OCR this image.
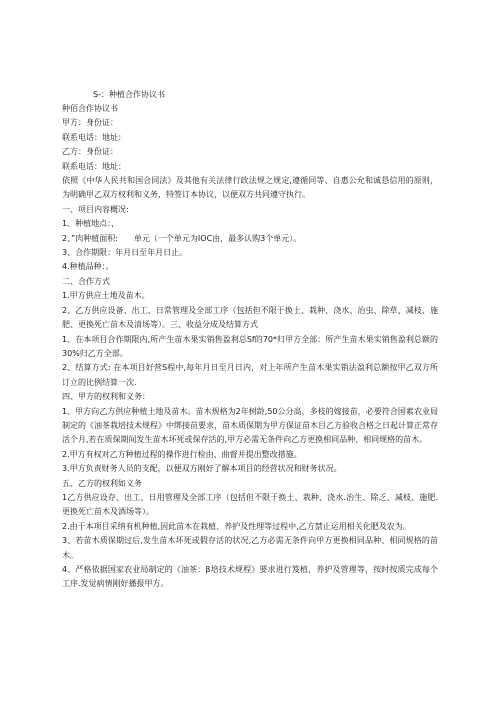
S-：种植合作协议书

种佰合作协议书

甲方：身份证：

联系电话：地址：

乙方：身份证：

联系电话：地址：

依照《中华人民共和国合同法》及其他有关法律行政法规之规定,遵循同等、自惠公允和诚恳信用的原则，为明确甲乙双方权利和义务，特签订本协议，以便双方共同遵守执行。

一、项目内容概况:

1、种植地点：，

2、”肉种植面积:　　单元（一个单元为IOC由，最多认购3个单元）。

3、合作期限：年月日至年月日止。

4.种植品种：。

二、合作方式

1.甲方供应土地及苗木。

2、乙方供应设备、出工、日常管理及全部工序（包括但不限于换土、栽种、浇水、治虫、除草、减枝、施肥、更换死亡苗木及清场等）。三、收益分成及结算方式

1、在本项目合作期限内,所产生苗木果实销售盈利总Sf的70*归甲方全部：所产生苗木果实销售盈利总额的30%归乙方全部。

2、结算方式: 在本项目好营S程中,每年月日至月日内，对上年所产生苗木果实销法盈利总额按甲乙双方所订立的比例结算一次.

四、甲方的权利和义务：

1、甲方向乙方供应种植土地及苗木。苗木规格为2年树龄,50公分高，多枝的嫁接苗，必要符合国素农业局制定的《油茶栽培技术规程》中绑接苗要求，苗木质保期为甲方保证苗木目乙方验收合格之日起计算正常存活个月,若在质保期间发生苗木坏死或保存活的,甲方必需无条件向乙方更换相同品种、相同规格的苗木。

2.甲方有权对乙方种植过程的操作进行检由、曲督并提出整改措施。

3.甲方负责财务人员的支配，以便双方刚好了解本项目的经营状况和财务状况。

五、乙方的权利如义务

1乙方供应设存、出工、日用管理及全部工序（包括但不限于换土、栽种、浇水.治生、除乏、减枝、施肥.更换死亡苗木及酒场等）。

2.由于本项目采纳有机种植,因此苗木在栽植、养护及性理等过程中,乙方禁止运用相关化肥及农为。

3、若苗木质保期过后,发生苗木坏死或假存活的状况,乙方必需无条件向甲方更换相同品种、相同规格的苗木。

4、严格依据国家农业局制定的《油茶：β培技术规程》要求进行笈植，养护及管理等，按时按质完成每个工序.发觉病情刚好播报甲方。
